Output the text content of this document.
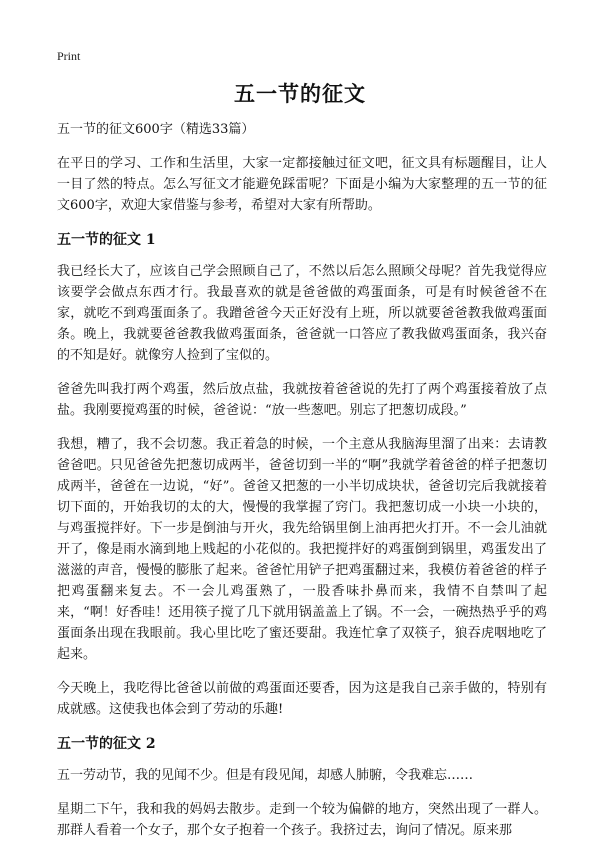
Print
五一节的征文
五一节的征文600字（精选33篇）

在平日的学习、工作和生活里，大家一定都接触过征文吧，征文具有标题醒目，让人一目了然的特点。怎么写征文才能避免踩雷呢？下面是小编为大家整理的五一节的征文600字，欢迎大家借鉴与参考，希望对大家有所帮助。

五一节的征文 1

我已经长大了，应该自己学会照顾自己了，不然以后怎么照顾父母呢？首先我觉得应该要学会做点东西才行。我最喜欢的就是爸爸做的鸡蛋面条，可是有时候爸爸不在家，就吃不到鸡蛋面条了。我蹭爸爸今天正好没有上班，所以就要爸爸教我做鸡蛋面条。晚上，我就要爸爸教我做鸡蛋面条，爸爸就一口答应了教我做鸡蛋面条，我兴奋的不知是好。就像穷人捡到了宝似的。

爸爸先叫我打两个鸡蛋，然后放点盐，我就按着爸爸说的先打了两个鸡蛋接着放了点盐。我刚要搅鸡蛋的时候，爸爸说：“放一些葱吧。别忘了把葱切成段。”

我想，糟了，我不会切葱。我正着急的时候，一个主意从我脑海里溜了出来：去请教爸爸吧。只见爸爸先把葱切成两半，爸爸切到一半的“啊”我就学着爸爸的样子把葱切成两半，爸爸在一边说，“好”。爸爸又把葱的一小半切成块状，爸爸切完后我就接着切下面的，开始我切的太的大，慢慢的我掌握了窍门。我把葱切成一小块一小块的，与鸡蛋搅拌好。下一步是倒油与开火，我先给锅里倒上油再把火打开。不一会儿油就开了，像是雨水滴到地上贱起的小花似的。我把搅拌好的鸡蛋倒到锅里，鸡蛋发出了滋滋的声音，慢慢的膨胀了起来。爸爸忙用铲子把鸡蛋翻过来，我模仿着爸爸的样子把鸡蛋翻来复去。不一会儿鸡蛋熟了，一股香味扑鼻而来，我情不自禁叫了起来，“啊！好香哇！还用筷子搅了几下就用锅盖盖上了锅。不一会，一碗热热乎乎的鸡蛋面条出现在我眼前。我心里比吃了蜜还要甜。我连忙拿了双筷子，狼吞虎咽地吃了起来。

今天晚上，我吃得比爸爸以前做的鸡蛋面还要香，因为这是我自己亲手做的，特别有成就感。这使我也体会到了劳动的乐趣!

五一节的征文 2

五一劳动节，我的见闻不少。但是有段见闻，却感人肺腑，令我难忘……

星期二下午，我和我的妈妈去散步。走到一个较为偏僻的地方，突然出现了一群人。那群人看着一个女子，那个女子抱着一个孩子。我挤过去，询问了情况。原来那
